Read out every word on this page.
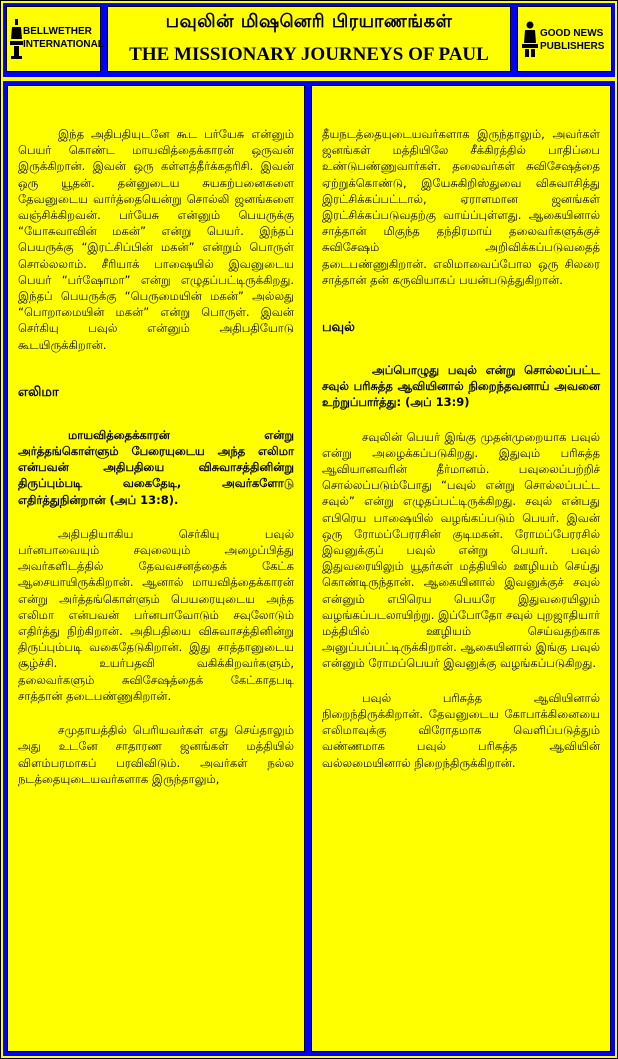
BELLWETHER
INTERNATIONAL
பவுலின் மிஷனெரி பிரயாணங்கள்
THE MISSIONARY JOURNEYS OF PAUL
GOOD NEWS
PUBLISHERS

இந்த அதிபதியுடனே கூட பர்யேசு என்னும் பெயர் கொண்ட மாயவித்தைக்காரன் ஒருவன் இருக்கிறான். இவன் ஒரு கள்ளத்தீர்க்கதரிசி. இவன் ஒரு யூதன். தன்னுடைய சுயகற்பனைகளை தேவனுடைய வார்த்தையென்று சொல்லி ஜனங்களை வஞ்சிக்கிறவன். பர்யேசு என்னும் பெயருக்கு “யோசுவாவின் மகன்” என்று பெயர். இந்தப் பெயருக்கு “இரட்சிப்பின் மகன்” என்றும் பொருள் சொல்லலாம். சீரியாக் பாஷையில் இவனுடைய பெயர் “பர்ஷோமா” என்று எழுதப்பட்டிருக்கிறது. இந்தப் பெயருக்கு “பெருமையின் மகன்” அல்லது “பொறாமையின் மகன்” என்று பொருள். இவன் செர்கியு பவுல் என்னும் அதிபதியோடு கூடயிருக்கிறான்.

எலிமா

மாயவித்தைக்காரன் என்று அர்த்தங்கொள்ளும் பேரையுடைய அந்த எலிமா என்பவன் அதிபதியை விசுவாசத்தினின்று திருப்பும்படி வகைதேடி, அவர்களோடு எதிர்த்துநின்றான் (அப் 13:8).

அதிபதியாகிய செர்கியு பவுல் பர்னபாவையும் சவுலையும் அழைப்பித்து அவர்களிடத்தில் தேவவசனத்தைக் கேட்க ஆசையாயிருக்கிறான். ஆனால் மாயவித்தைக்காரன் என்று அர்த்தங்கொள்ளும் பெயரையுடைய அந்த எலிமா என்பவன் பர்னபாவோடும் சவுலோடும் எதிர்த்து நிற்கிறான். அதிபதியை விசுவாசத்தினின்று திருப்பும்படி வகைதேடுகிறான். இது சாத்தானுடைய சூழ்ச்சி. உயர்பதவி வகிக்கிறவர்களும், தலைவர்களும் சுவிசேஷத்தைக் கேட்காதபடி சாத்தான் தடைபண்ணுகிறான்.

சமுதாயத்தில் பெரியவர்கள் எது செய்தாலும் அது உடனே சாதாரண ஜனங்கள் மத்தியில் விளம்பரமாகப் பரவிவிடும். அவர்கள் நல்ல நடத்தையுடையவர்களாக இருந்தாலும்,

தீயநடத்தையுடையவர்களாக இருந்தாலும், அவர்கள் ஜனங்கள் மத்தியிலே சீக்கிரத்தில் பாதிப்பை உண்டுபண்ணுவார்கள். தலைவர்கள் சுவிசேஷத்தை ஏற்றுக்கொண்டு, இயேசுகிறிஸ்துவை விசுவாசித்து இரட்சிக்கப்பட்டால், ஏராளமான ஜனங்கள் இரட்சிக்கப்படுவதற்கு வாய்ப்புள்ளது. ஆகையினால் சாத்தான் மிகுந்த தந்திரமாய் தலைவர்களுக்குச் சுவிசேஷம் அறிவிக்கப்படுவதைத் தடைபண்ணுகிறான். எலிமாவைப்போல ஒரு சிலரை சாத்தான் தன் கருவியாகப் பயன்படுத்துகிறான்.

பவுல்

அப்பொழுது பவுல் என்று சொல்லப்பட்ட சவுல் பரிசுத்த ஆவியினால் நிறைந்தவனாய் அவனை உற்றுப்பார்த்து: (அப் 13:9)

சவுலின் பெயர் இங்கு முதன்முறையாக பவுல் என்று அழைக்கப்படுகிறது. இதுவும் பரிசுத்த ஆவியானவரின் தீர்மானம். பவுலைப்பற்றிச் சொல்லப்படும்போது “பவுல் என்று சொல்லப்பட்ட சவுல்” என்று எழுதப்பட்டிருக்கிறது. சவுல் என்பது எபிரெய பாஷையில் வழங்கப்படும் பெயர். இவன் ஒரு ரோமப்பேரரசின் குடிமகன். ரோமப்பேரரசில் இவனுக்குப் பவுல் என்று பெயர். பவுல் இதுவரையிலும் யூதர்கள் மத்தியில் ஊழியம் செய்து கொண்டிருந்தான். ஆகையினால் இவனுக்குச் சவுல் என்னும் எபிரெய பெயரே இதுவரையிலும் வழங்கப்படலாயிற்று. இப்போதோ சவுல் புறஜாதியார் மத்தியில் ஊழியம் செய்வதற்காக அனுப்பப்பட்டிருக்கிறான். ஆகையினால் இங்கு பவுல் என்னும் ரோமப்பெயர் இவனுக்கு வழங்கப்படுகிறது.

பவுல் பரிசுத்த ஆவியினால் நிறைந்திருக்கிறான். தேவனுடைய கோபாக்கினையை எலிமாவுக்கு விரோதமாக வெளிப்படுத்தும் வண்ணமாக பவுல் பரிசுத்த ஆவியின் வல்லமையினால் நிறைந்திருக்கிறான்.
